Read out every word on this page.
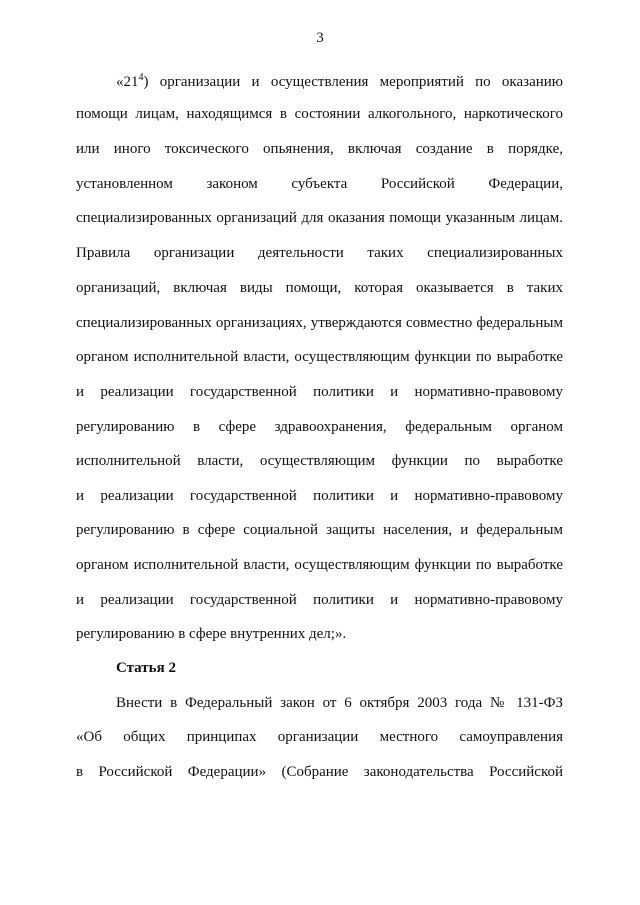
3
«$21^4$) организации и осуществления мероприятий по оказанию
помощи лицам, находящимся в состоянии алкогольного, наркотического
или иного токсического опьянения, включая создание в порядке,
установленном законом субъекта Российской Федерации,
специализированных организаций для оказания помощи указанным лицам.
Правила организации деятельности таких специализированных
организаций, включая виды помощи, которая оказывается в таких
специализированных организациях, утверждаются совместно федеральным
органом исполнительной власти, осуществляющим функции по выработке
и реализации государственной политики и нормативно-правовому
регулированию в сфере здравоохранения, федеральным органом
исполнительной власти, осуществляющим функции по выработке
и реализации государственной политики и нормативно-правовому
регулированию в сфере социальной защиты населения, и федеральным
органом исполнительной власти, осуществляющим функции по выработке
и реализации государственной политики и нормативно-правовому
регулированию в сфере внутренних дел;».
Статья 2
Внести в Федеральный закон от 6 октября 2003 года № 131-ФЗ
«Об общих принципах организации местного самоуправления
в Российской Федерации» (Собрание законодательства Российской
